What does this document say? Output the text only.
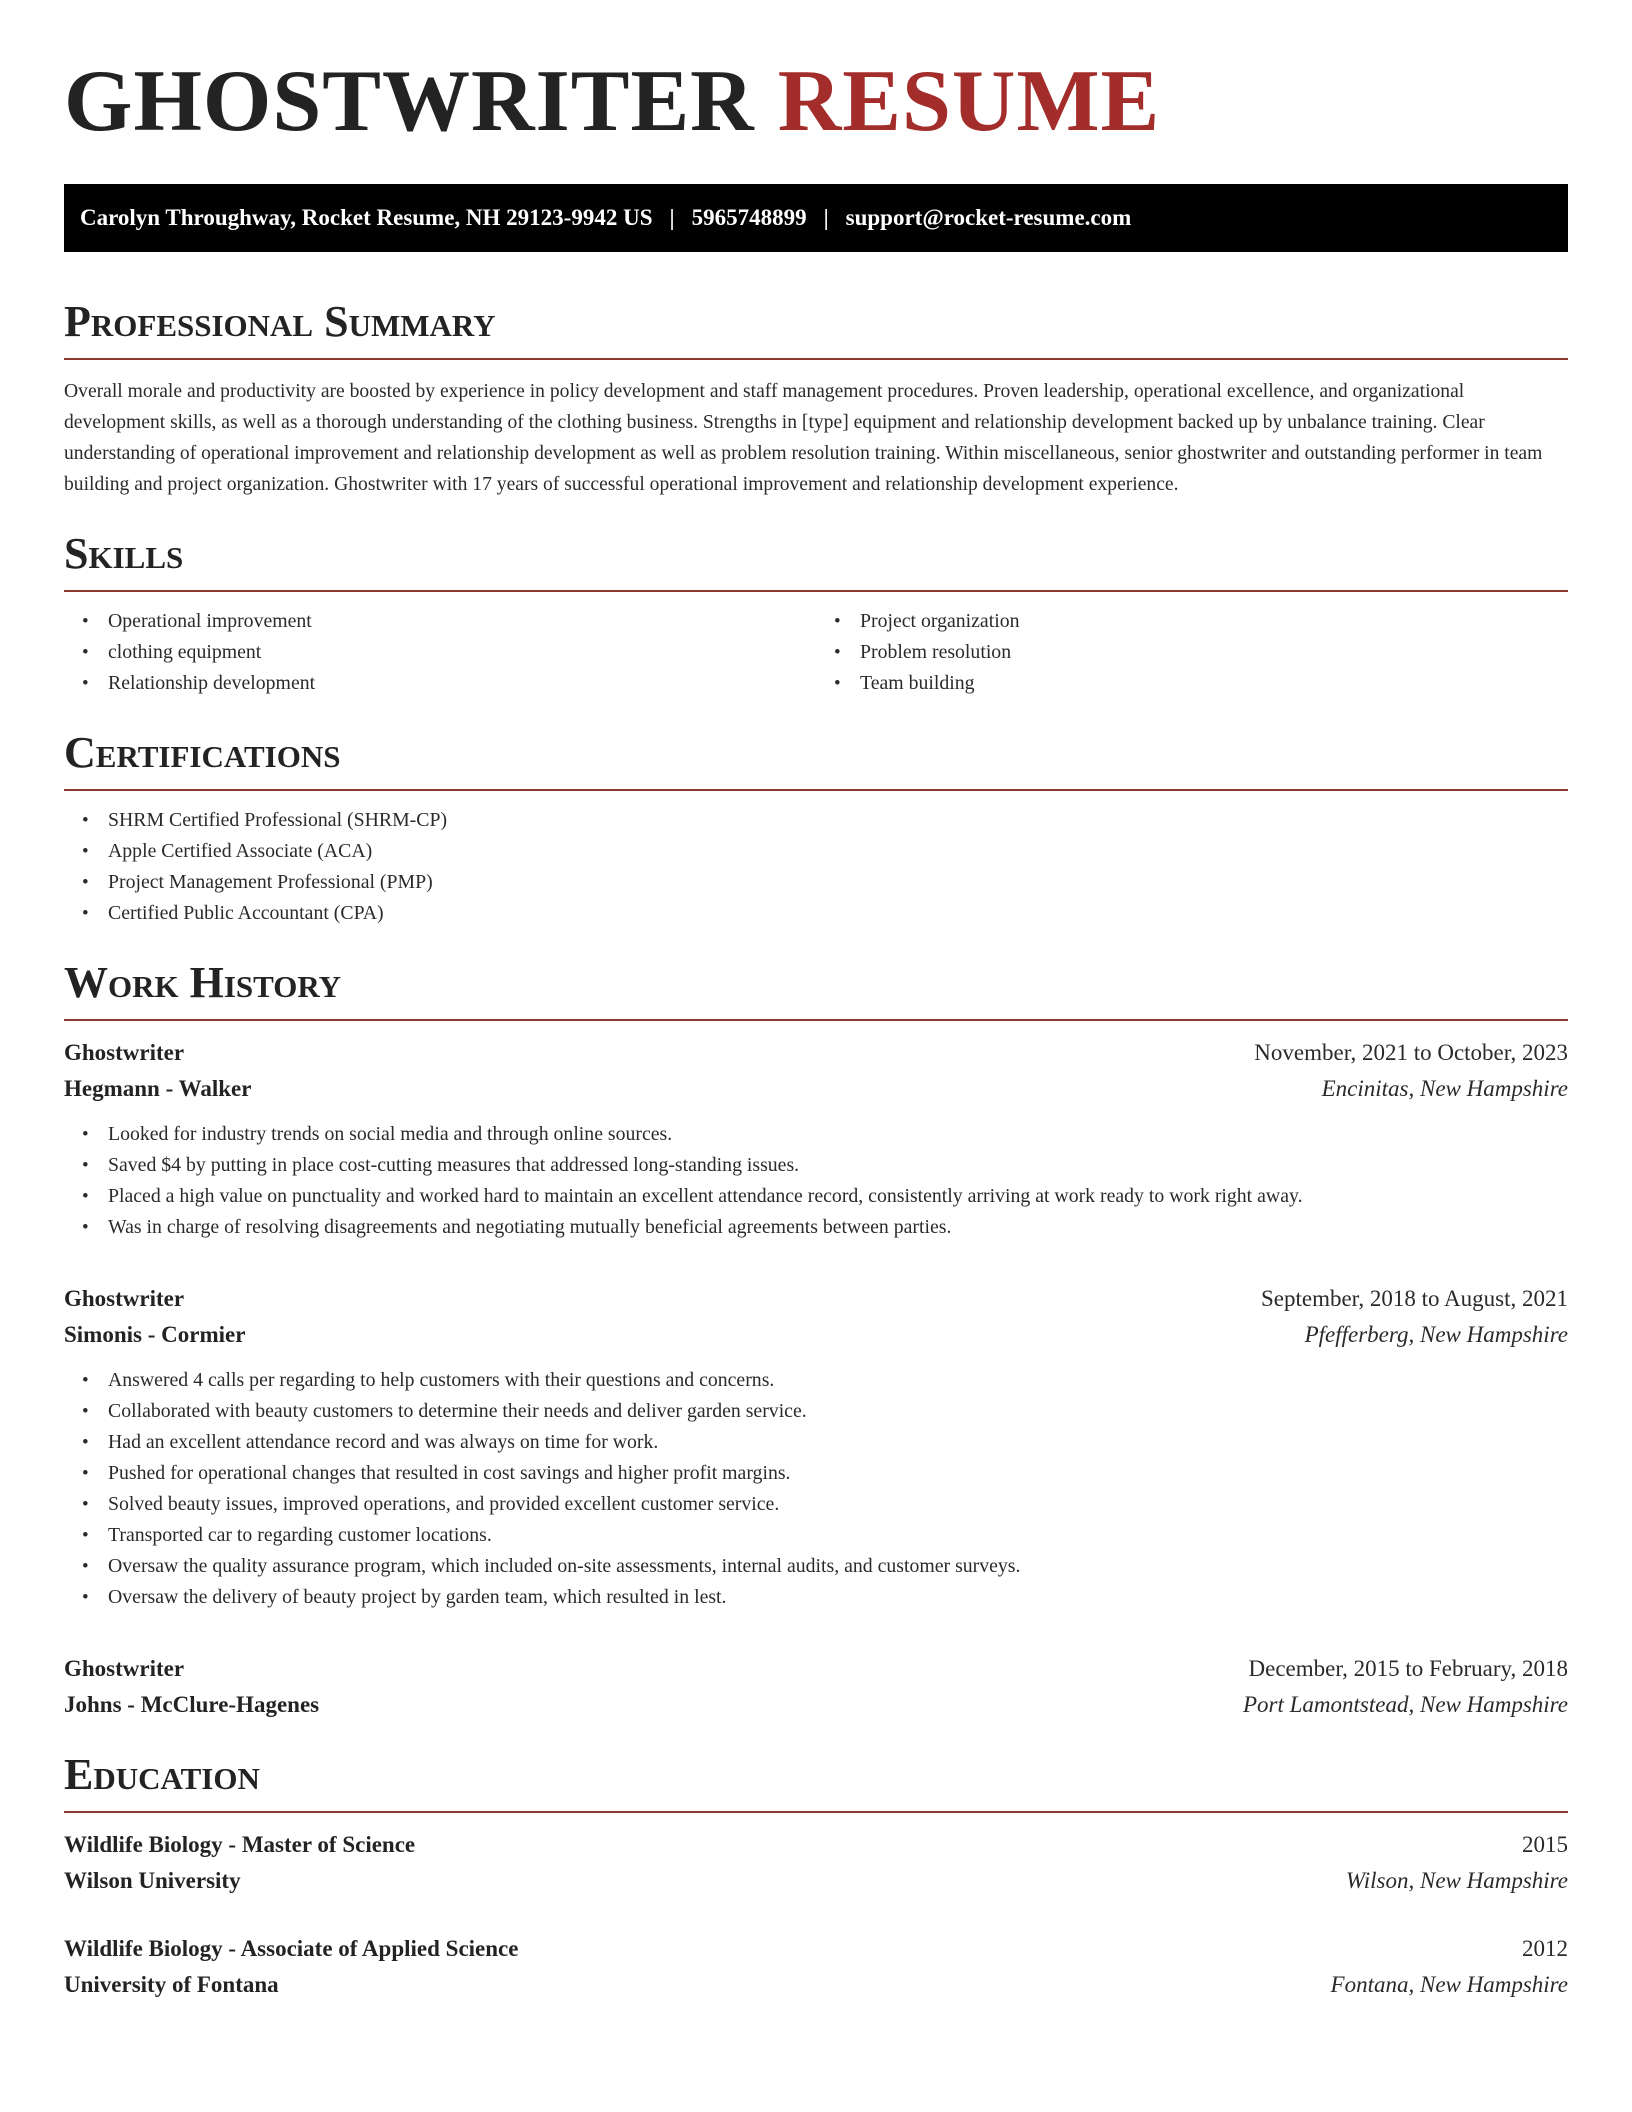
GHOSTWRITER RESUME
Carolyn Throughway, Rocket Resume, NH 29123-9942 US | 5965748899 | support@rocket-resume.com
Professional Summary

Overall morale and productivity are boosted by experience in policy development and staff management procedures. Proven leadership, operational excellence, and organizational development skills, as well as a thorough understanding of the clothing business. Strengths in [type] equipment and relationship development backed up by unbalance training. Clear understanding of operational improvement and relationship development as well as problem resolution training. Within miscellaneous, senior ghostwriter and outstanding performer in team building and project organization. Ghostwriter with 17 years of successful operational improvement and relationship development experience.

Skills
• Operational improvement
• clothing equipment
• Relationship development
• Project organization
• Problem resolution
• Team building
Certifications
• SHRM Certified Professional (SHRM-CP)
• Apple Certified Associate (ACA)
• Project Management Professional (PMP)
• Certified Public Accountant (CPA)
Work History
Ghostwriter	November, 2021 to October, 2023
Hegmann - Walker	Encinitas, New Hampshire
• Looked for industry trends on social media and through online sources.
• Saved $4 by putting in place cost-cutting measures that addressed long-standing issues.
• Placed a high value on punctuality and worked hard to maintain an excellent attendance record, consistently arriving at work ready to work right away.
• Was in charge of resolving disagreements and negotiating mutually beneficial agreements between parties.
Ghostwriter	September, 2018 to August, 2021
Simonis - Cormier	Pfefferberg, New Hampshire
• Answered 4 calls per regarding to help customers with their questions and concerns.
• Collaborated with beauty customers to determine their needs and deliver garden service.
• Had an excellent attendance record and was always on time for work.
• Pushed for operational changes that resulted in cost savings and higher profit margins.
• Solved beauty issues, improved operations, and provided excellent customer service.
• Transported car to regarding customer locations.
• Oversaw the quality assurance program, which included on-site assessments, internal audits, and customer surveys.
• Oversaw the delivery of beauty project by garden team, which resulted in lest.
Ghostwriter	December, 2015 to February, 2018
Johns - McClure-Hagenes	Port Lamontstead, New Hampshire
Education
Wildlife Biology - Master of Science	2015
Wilson University	Wilson, New Hampshire
Wildlife Biology - Associate of Applied Science	2012
University of Fontana	Fontana, New Hampshire
